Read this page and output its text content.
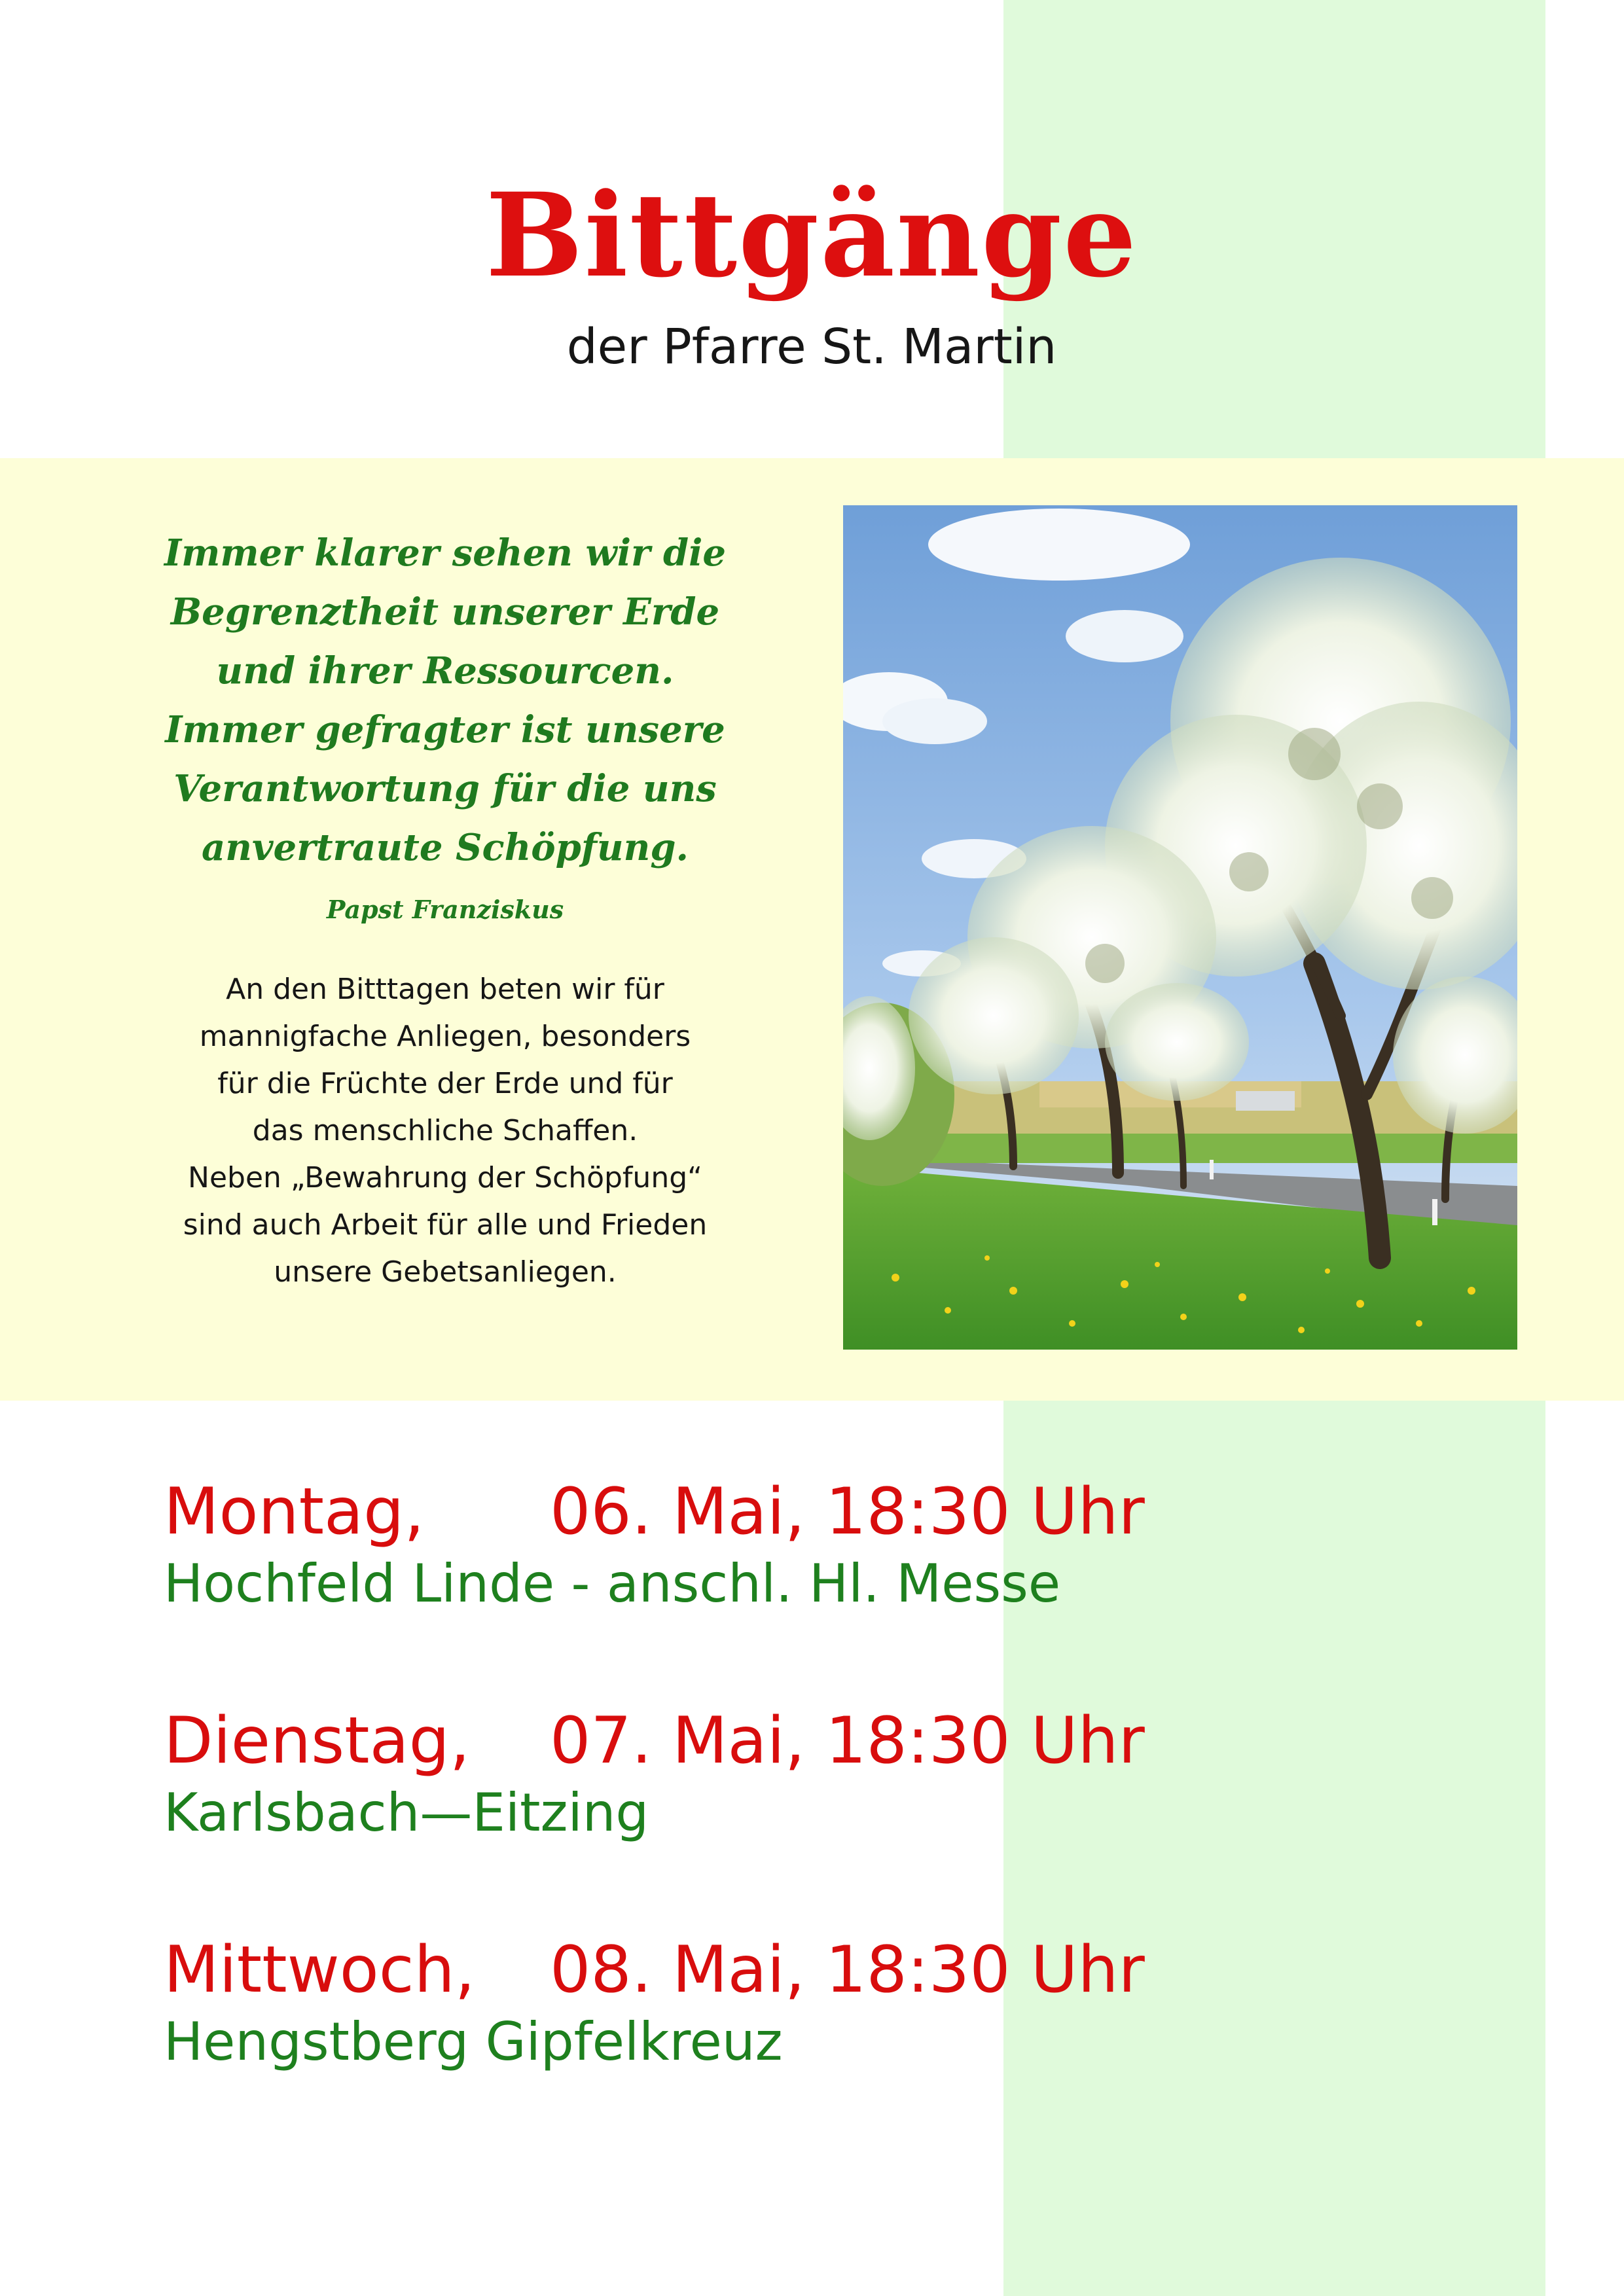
Bittgänge
der Pfarre St. Martin
Immer klarer sehen wir die
Begrenztheit unserer Erde
und ihrer Ressourcen.
Immer gefragter ist unsere
Verantwortung für die uns
anvertraute Schöpfung.
Papst Franziskus
An den Bitttagen beten wir für
mannigfache Anliegen, besonders
für die Früchte der Erde und für
das menschliche Schaffen.
Neben „Bewahrung der Schöpfung“
sind auch Arbeit für alle und Frieden
unsere Gebetsanliegen.
Montag, 06. Mai, 18:30 Uhr
Hochfeld Linde - anschl. Hl. Messe
Dienstag, 07. Mai, 18:30 Uhr
Karlsbach—Eitzing
Mittwoch, 08. Mai, 18:30 Uhr
Hengstberg Gipfelkreuz
